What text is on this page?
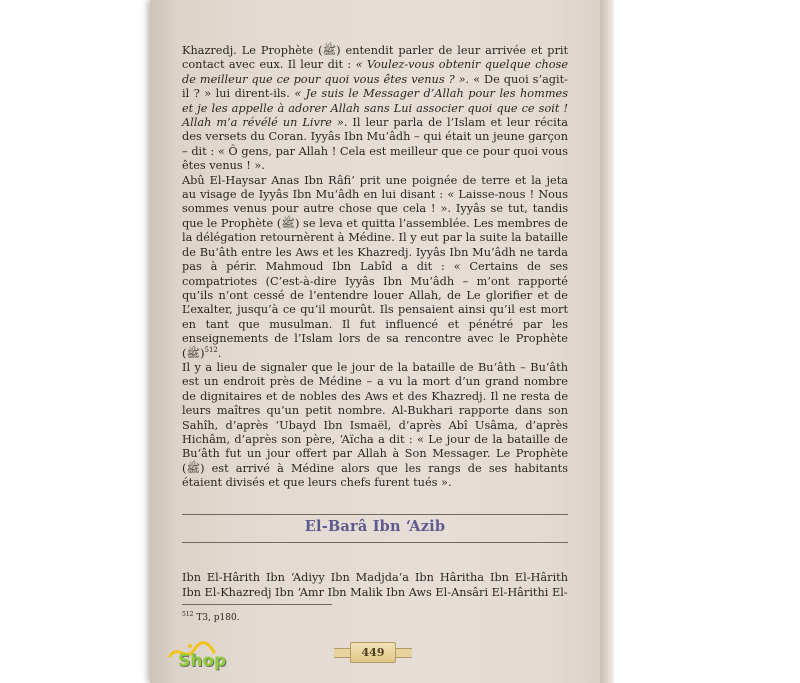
Khazredj. Le Prophète (ﷺ) entendit parler de leur arrivée et prit contact avec eux. Il leur dit : « Voulez-vous obtenir quelque chose de meilleur que ce pour quoi vous êtes venus ? ». « De quoi s’agit-il ? » lui dirent-ils. « Je suis le Messager d’Allah pour les hommes et je les appelle à adorer Allah sans Lui associer quoi que ce soit ! Allah m’a révélé un Livre ». Il leur parla de l’Islam et leur récita des versets du Coran. Iyyâs Ibn Mu‘âdh – qui était un jeune garçon – dit : « Ô gens, par Allah ! Cela est meilleur que ce pour quoi vous êtes venus ! ».

Abû El-Haysar Anas Ibn Râfi‘ prit une poignée de terre et la jeta au visage de Iyyâs Ibn Mu‘âdh en lui disant : « Laisse-nous ! Nous sommes venus pour autre chose que cela ! ». Iyyâs se tut, tandis que le Prophète (ﷺ) se leva et quitta l’assemblée. Les membres de la délégation retournèrent à Médine. Il y eut par la suite la bataille de Bu‘âth entre les Aws et les Khazredj. Iyyâs Ibn Mu‘âdh ne tarda pas à périr. Mahmoud Ibn Labîd a dit : « Certains de ses compatriotes (C’est-à-dire Iyyâs Ibn Mu‘âdh – m’ont rapporté qu’ils n’ont cessé de l’entendre louer Allah, de Le glorifier et de L’exalter, jusqu’à ce qu’il mourût. Ils pensaient ainsi qu’il est mort en tant que musulman. Il fut influencé et pénétré par les enseignements de l’Islam lors de sa rencontre avec le Prophète (ﷺ)$^{512}$.

Il y a lieu de signaler que le jour de la bataille de Bu‘âth – Bu‘âth est un endroit près de Médine – a vu la mort d’un grand nombre de dignitaires et de nobles des Aws et des Khazredj. Il ne resta de leurs maîtres qu’un petit nombre. Al-Bukhari rapporte dans son Sahîh, d’après ‘Ubayd Ibn Ismaël, d’après Abî Usâma, d’après Hichâm, d’après son père, ‘Aïcha a dit : « Le jour de la bataille de Bu‘âth fut un jour offert par Allah à Son Messager. Le Prophète (ﷺ) est arrivé à Médine alors que les rangs de ses habitants étaient divisés et que leurs chefs furent tués ».

El-Barâ Ibn ‘Azib
Ibn El-Hârith Ibn ‘Adiyy Ibn Madjda‘a Ibn Hâritha Ibn El-Hârith Ibn El-Khazredj Ibn ‘Amr Ibn Malik Ibn Aws El-Ansâri El-Hârithi El-
$^{512}$ T3, p180.
449
Shop
